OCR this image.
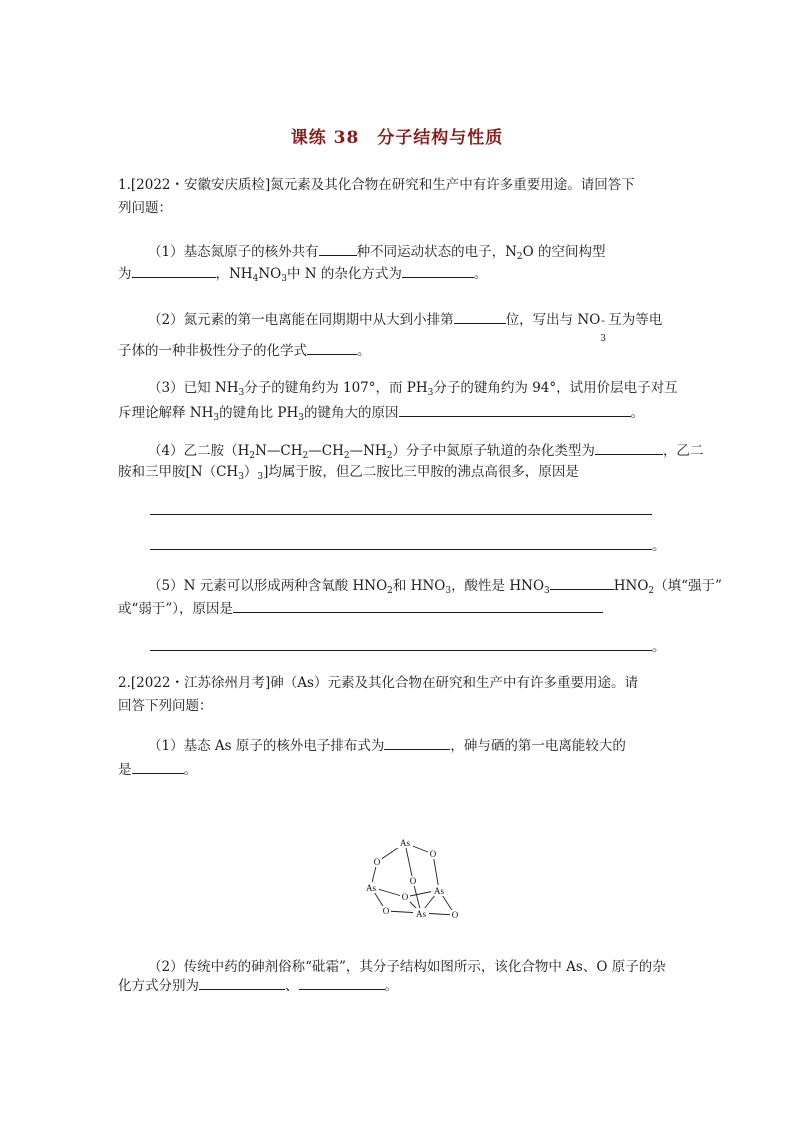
课练 38　分子结构与性质
1.[2022・安徽安庆质检]氮元素及其化合物在研究和生产中有许多重要用途。请回答下
列问题：
（1）基态氮原子的核外共有	种不同运动状态的电子，$N_2O$ 的空间构型
为	，$NH_4NO_3$中 N 的杂化方式为	。
（2）氮元素的第一电离能在同期期中从大到小排第	位，写出与 NO -
3
互为等电
子体的一种非极性分子的化学式	。
（3）已知 $NH_3$分子的键角约为 107°，而 $PH_3$分子的键角约为 94°，试用价层电子对互
斥理论解释 $NH_3$的键角比 $PH_3$的键角大的原因	。
（4）乙二胺$(H_2N—CH_2—CH_2—NH_2)$分子中氮原子轨道的杂化类型为	，乙二
胺和三甲胺$[N(CH_3)_3]$均属于胺，但乙二胺比三甲胺的沸点高很多，原因是
。
（5）N 元素可以形成两种含氧酸 $HNO_2$和 $HNO_3$，酸性是 $HNO_3$	$HNO_2$（填“强于”
或“弱于”），原因是
。
2.[2022・江苏徐州月考]砷（As）元素及其化合物在研究和生产中有许多重要用途。请
回答下列问题：
（1）基态 As 原子的核外电子排布式为	，砷与硒的第一电离能较大的
是	。
As
O
O
O
As	As
O
O	As	O
（2）传统中药的砷剂俗称“砒霜”，其分子结构如图所示，该化合物中 As、O 原子的杂
化方式分别为	、	。
